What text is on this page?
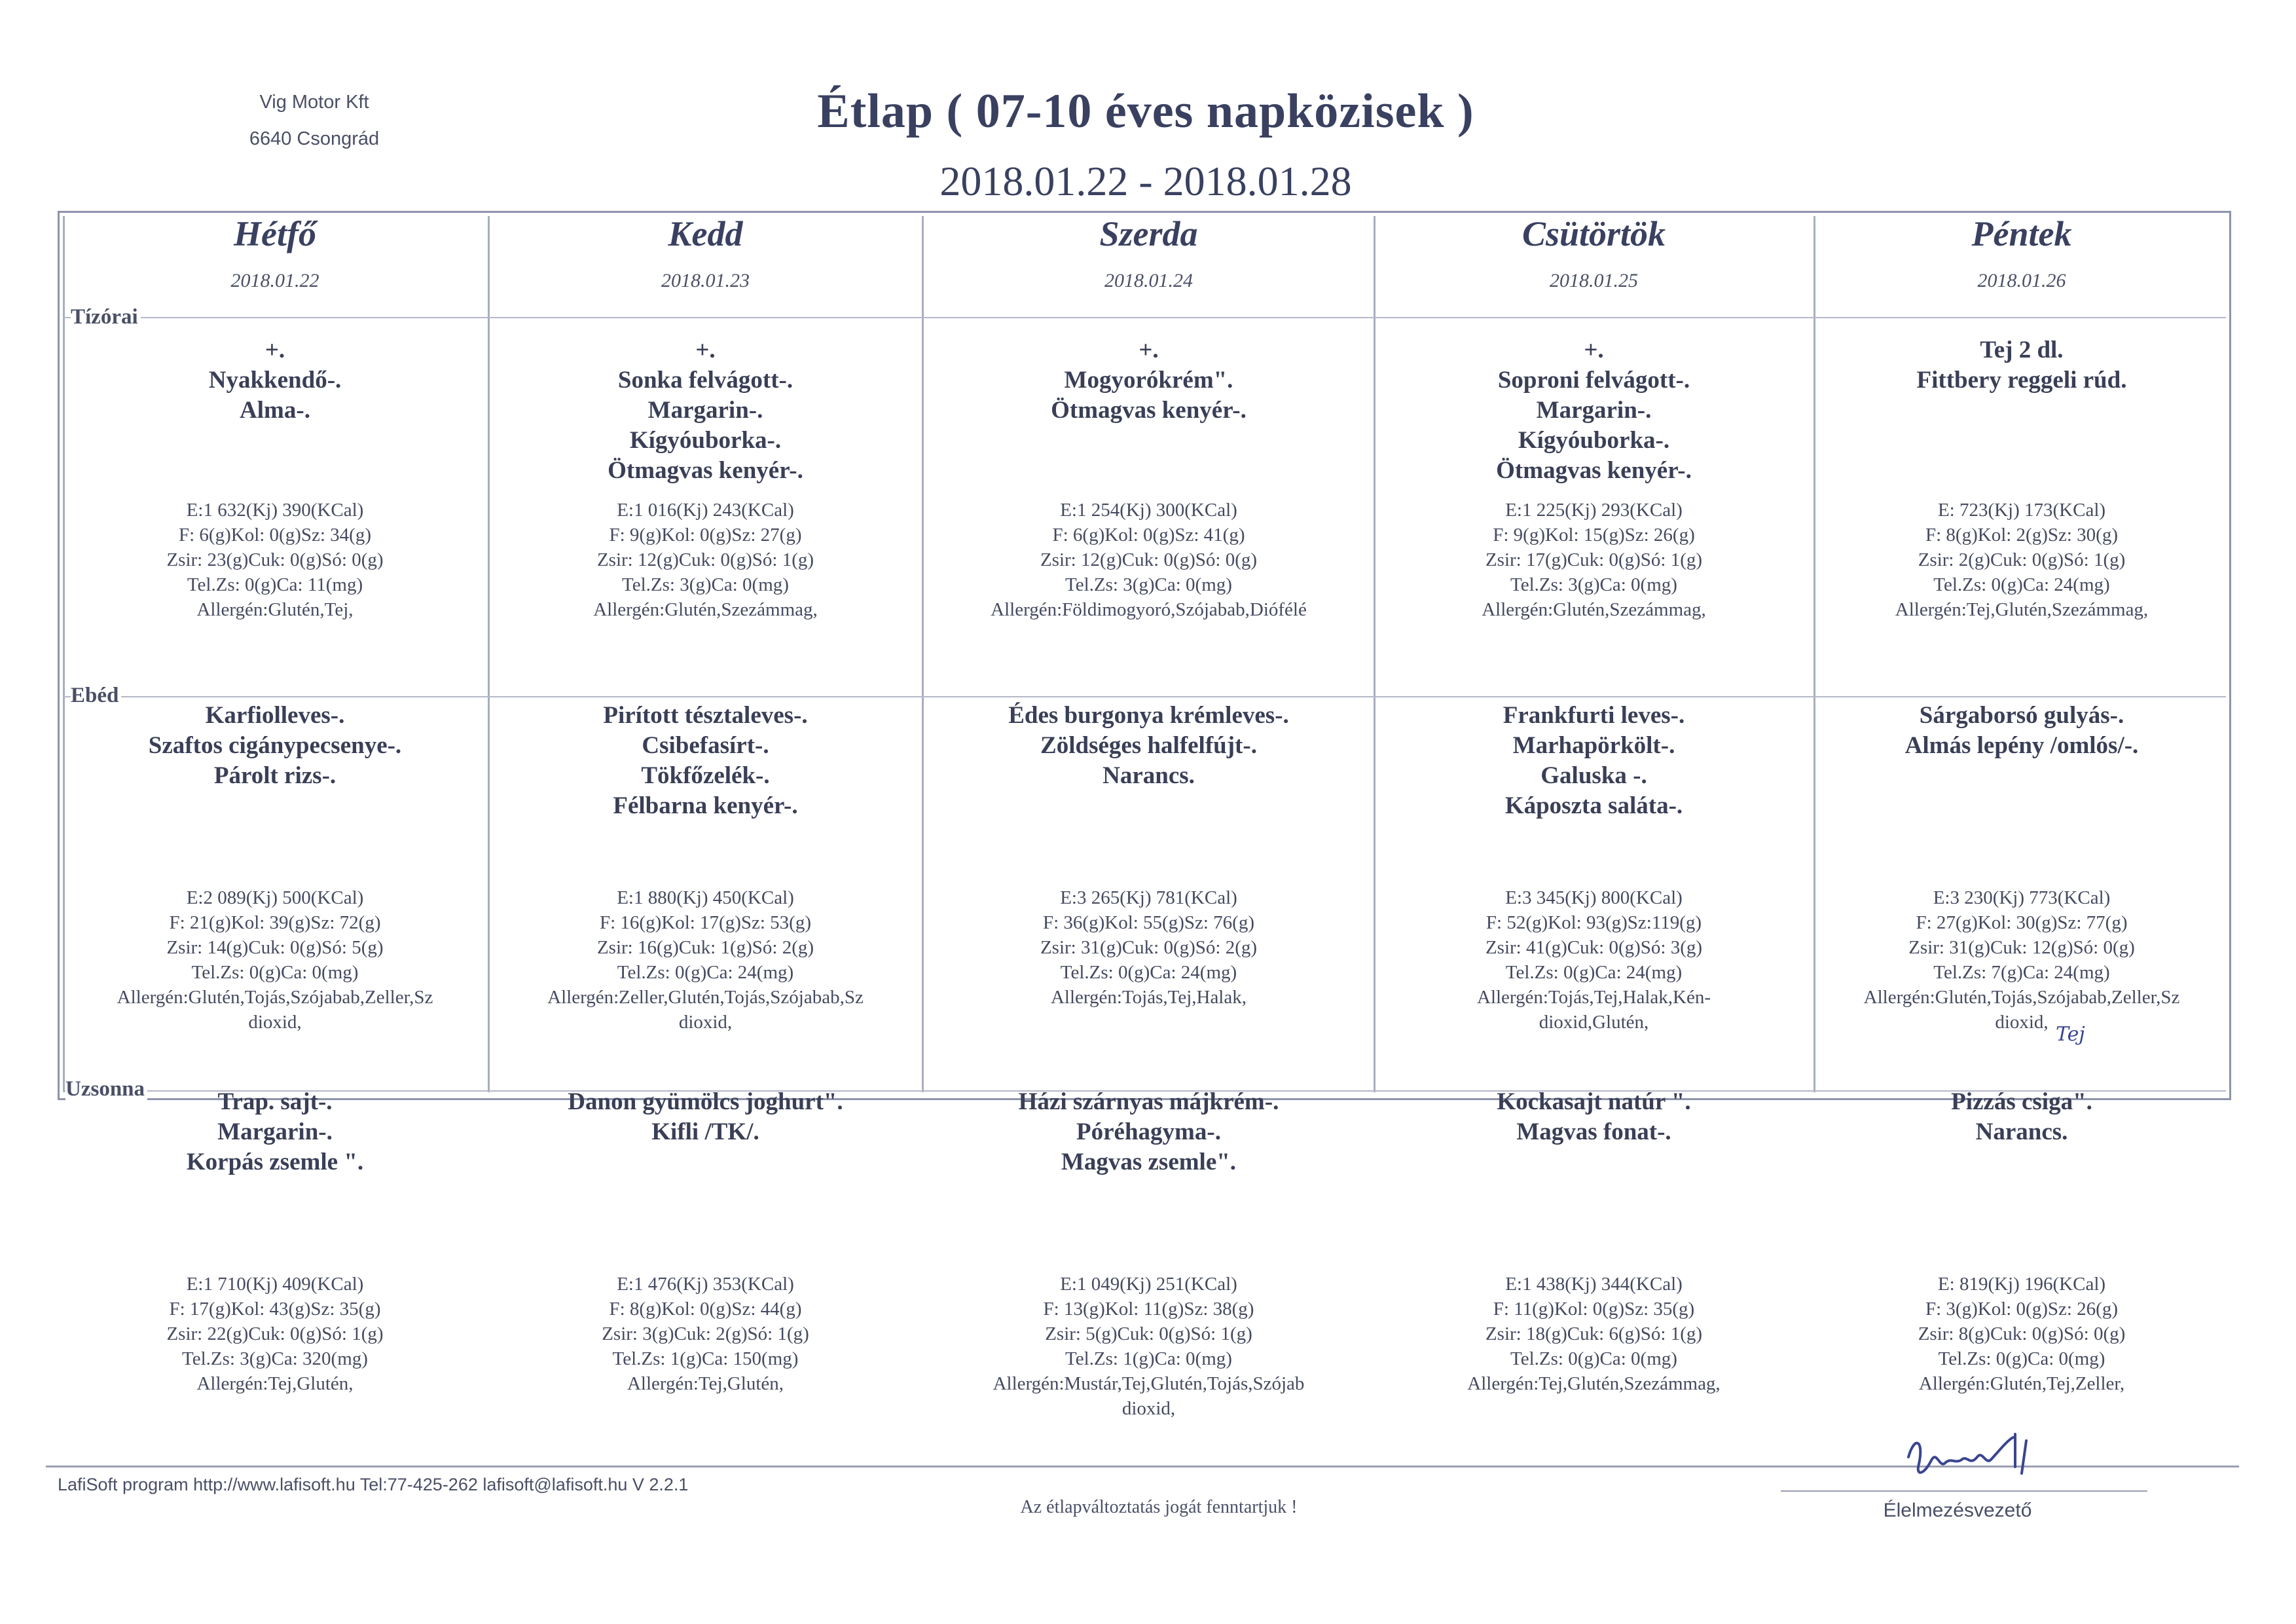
Vig Motor Kft
6640 Csongrád
Étlap ( 07-10 éves napközisek )
2018.01.22 - 2018.01.28
Tízórai
Ebéd
Uzsonna
Hétfő
2018.01.22
+.
Nyakkendő-.
Alma-.
E:1 632(Kj) 390(KCal)
F: 6(g)Kol: 0(g)Sz: 34(g)
Zsir: 23(g)Cuk: 0(g)Só: 0(g)
Tel.Zs: 0(g)Ca: 11(mg)
Allergén:Glutén,Tej,
Karfiolleves-.
Szaftos cigánypecsenye-.
Párolt rizs-.
E:2 089(Kj) 500(KCal)
F: 21(g)Kol: 39(g)Sz: 72(g)
Zsir: 14(g)Cuk: 0(g)Só: 5(g)
Tel.Zs: 0(g)Ca: 0(mg)
Allergén:Glutén,Tojás,Szójabab,Zeller,Sz
dioxid,
Trap. sajt-.
Margarin-.
Korpás zsemle ".
E:1 710(Kj) 409(KCal)
F: 17(g)Kol: 43(g)Sz: 35(g)
Zsir: 22(g)Cuk: 0(g)Só: 1(g)
Tel.Zs: 3(g)Ca: 320(mg)
Allergén:Tej,Glutén,
Kedd
2018.01.23
+.
Sonka felvágott-.
Margarin-.
Kígyóuborka-.
Ötmagvas kenyér-.
E:1 016(Kj) 243(KCal)
F: 9(g)Kol: 0(g)Sz: 27(g)
Zsir: 12(g)Cuk: 0(g)Só: 1(g)
Tel.Zs: 3(g)Ca: 0(mg)
Allergén:Glutén,Szezámmag,
Pirított tésztaleves-.
Csibefasírt-.
Tökfőzelék-.
Félbarna kenyér-.
E:1 880(Kj) 450(KCal)
F: 16(g)Kol: 17(g)Sz: 53(g)
Zsir: 16(g)Cuk: 1(g)Só: 2(g)
Tel.Zs: 0(g)Ca: 24(mg)
Allergén:Zeller,Glutén,Tojás,Szójabab,Sz
dioxid,
Danon gyümölcs joghurt".
Kifli /TK/.
E:1 476(Kj) 353(KCal)
F: 8(g)Kol: 0(g)Sz: 44(g)
Zsir: 3(g)Cuk: 2(g)Só: 1(g)
Tel.Zs: 1(g)Ca: 150(mg)
Allergén:Tej,Glutén,
Szerda
2018.01.24
+.
Mogyorókrém".
Ötmagvas kenyér-.
E:1 254(Kj) 300(KCal)
F: 6(g)Kol: 0(g)Sz: 41(g)
Zsir: 12(g)Cuk: 0(g)Só: 0(g)
Tel.Zs: 3(g)Ca: 0(mg)
Allergén:Földimogyoró,Szójabab,Diófélé
Édes burgonya krémleves-.
Zöldséges halfelfújt-.
Narancs.
E:3 265(Kj) 781(KCal)
F: 36(g)Kol: 55(g)Sz: 76(g)
Zsir: 31(g)Cuk: 0(g)Só: 2(g)
Tel.Zs: 0(g)Ca: 24(mg)
Allergén:Tojás,Tej,Halak,
Házi szárnyas májkrém-.
Póréhagyma-.
Magvas zsemle".
E:1 049(Kj) 251(KCal)
F: 13(g)Kol: 11(g)Sz: 38(g)
Zsir: 5(g)Cuk: 0(g)Só: 1(g)
Tel.Zs: 1(g)Ca: 0(mg)
Allergén:Mustár,Tej,Glutén,Tojás,Szójab
dioxid,
Csütörtök
2018.01.25
+.
Soproni felvágott-.
Margarin-.
Kígyóuborka-.
Ötmagvas kenyér-.
E:1 225(Kj) 293(KCal)
F: 9(g)Kol: 15(g)Sz: 26(g)
Zsir: 17(g)Cuk: 0(g)Só: 1(g)
Tel.Zs: 3(g)Ca: 0(mg)
Allergén:Glutén,Szezámmag,
Frankfurti leves-.
Marhapörkölt-.
Galuska -.
Káposzta saláta-.
E:3 345(Kj) 800(KCal)
F: 52(g)Kol: 93(g)Sz:119(g)
Zsir: 41(g)Cuk: 0(g)Só: 3(g)
Tel.Zs: 0(g)Ca: 24(mg)
Allergén:Tojás,Tej,Halak,Kén-
dioxid,Glutén,
Kockasajt natúr ".
Magvas fonat-.
E:1 438(Kj) 344(KCal)
F: 11(g)Kol: 0(g)Sz: 35(g)
Zsir: 18(g)Cuk: 6(g)Só: 1(g)
Tel.Zs: 0(g)Ca: 0(mg)
Allergén:Tej,Glutén,Szezámmag,
Péntek
2018.01.26
Tej 2 dl.
Fittbery reggeli rúd.
E: 723(Kj) 173(KCal)
F: 8(g)Kol: 2(g)Sz: 30(g)
Zsir: 2(g)Cuk: 0(g)Só: 1(g)
Tel.Zs: 0(g)Ca: 24(mg)
Allergén:Tej,Glutén,Szezámmag,
Sárgaborsó gulyás-.
Almás lepény /omlós/-.
E:3 230(Kj) 773(KCal)
F: 27(g)Kol: 30(g)Sz: 77(g)
Zsir: 31(g)Cuk: 12(g)Só: 0(g)
Tel.Zs: 7(g)Ca: 24(mg)
Allergén:Glutén,Tojás,Szójabab,Zeller,Sz
dioxid,
Pizzás csiga".
Narancs.
E: 819(Kj) 196(KCal)
F: 3(g)Kol: 0(g)Sz: 26(g)
Zsir: 8(g)Cuk: 0(g)Só: 0(g)
Tel.Zs: 0(g)Ca: 0(mg)
Allergén:Glutén,Tej,Zeller,
Tej
LafiSoft program http://www.lafisoft.hu Tel:77-425-262 lafisoft@lafisoft.hu V 2.2.1
Az étlapváltoztatás jogát fenntartjuk !	Élelmezésvezető
